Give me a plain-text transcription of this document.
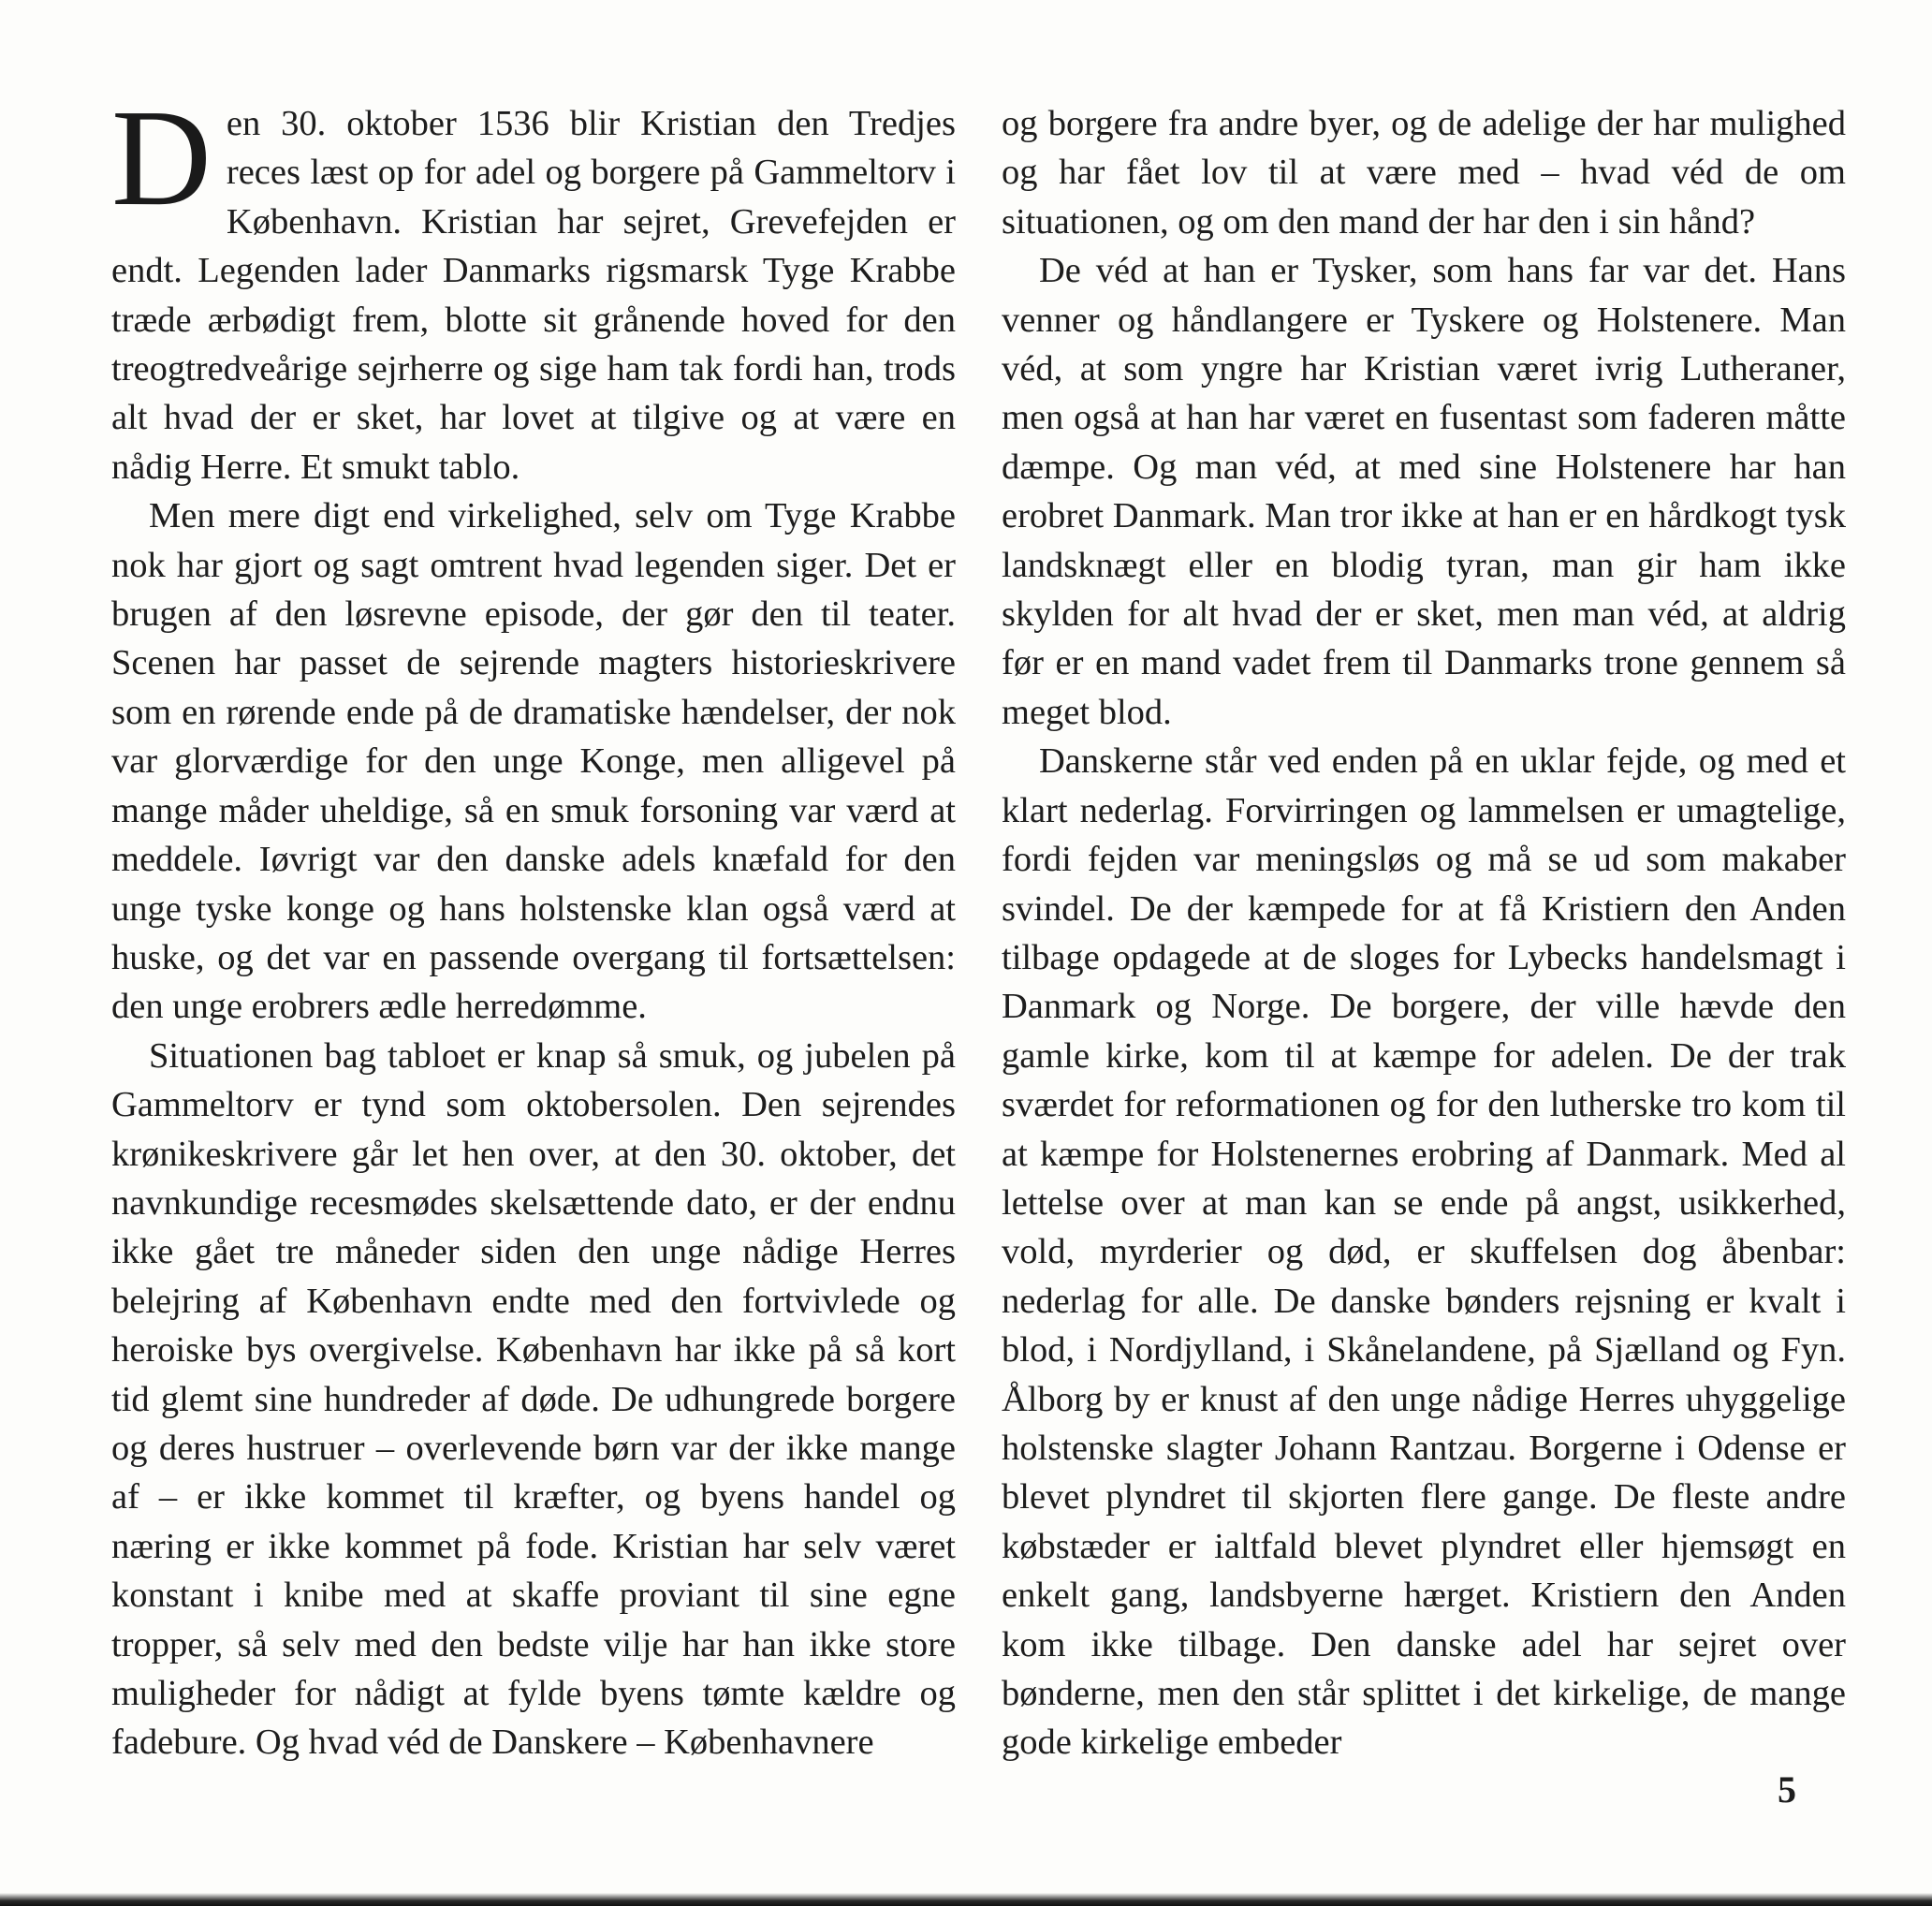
Den 30. oktober 1536 blir Kristian den Tredjes reces læst op for adel og borgere på Gammeltorv i København. Kristian har sejret, Grevefejden er endt. Legenden lader Danmarks rigsmarsk Tyge Krabbe træde ærbødigt frem, blotte sit grånende hoved for den treogtredveårige sejrherre og sige ham tak fordi han, trods alt hvad der er sket, har lovet at tilgive og at være en nådig Herre. Et smukt tablo.

Men mere digt end virkelighed, selv om Tyge Krabbe nok har gjort og sagt omtrent hvad legenden siger. Det er brugen af den løsrevne episode, der gør den til teater. Scenen har passet de sejrende magters historieskrivere som en rørende ende på de dramatiske hændelser, der nok var glorværdige for den unge Konge, men alligevel på mange måder uheldige, så en smuk forsoning var værd at meddele. Iøvrigt var den danske adels knæfald for den unge tyske konge og hans holstenske klan også værd at huske, og det var en passende overgang til fortsættelsen: den unge erobrers ædle herredømme.

Situationen bag tabloet er knap så smuk, og jubelen på Gammeltorv er tynd som oktobersolen. Den sejrendes krønikeskrivere går let hen over, at den 30. oktober, det navnkundige recesmødes skelsættende dato, er der endnu ikke gået tre måneder siden den unge nådige Herres belejring af København endte med den fortvivlede og heroiske bys overgivelse. København har ikke på så kort tid glemt sine hundreder af døde. De udhungrede borgere og deres hustruer – overlevende børn var der ikke mange af – er ikke kommet til kræfter, og byens handel og næring er ikke kommet på fode. Kristian har selv været konstant i knibe med at skaffe proviant til sine egne tropper, så selv med den bedste vilje har han ikke store muligheder for nådigt at fylde byens tømte kældre og fadebure. Og hvad véd de Danskere – Københavnere

og borgere fra andre byer, og de adelige der har mulighed og har fået lov til at være med – hvad véd de om situationen, og om den mand der har den i sin hånd?

De véd at han er Tysker, som hans far var det. Hans venner og håndlangere er Tyskere og Holstenere. Man véd, at som yngre har Kristian været ivrig Lutheraner, men også at han har været en fusentast som faderen måtte dæmpe. Og man véd, at med sine Holstenere har han erobret Danmark. Man tror ikke at han er en hårdkogt tysk landsknægt eller en blodig tyran, man gir ham ikke skylden for alt hvad der er sket, men man véd, at aldrig før er en mand vadet frem til Danmarks trone gennem så meget blod.

Danskerne står ved enden på en uklar fejde, og med et klart nederlag. Forvirringen og lammelsen er umagtelige, fordi fejden var meningsløs og må se ud som makaber svindel. De der kæmpede for at få Kristiern den Anden tilbage opdagede at de sloges for Lybecks handelsmagt i Danmark og Norge. De borgere, der ville hævde den gamle kirke, kom til at kæmpe for adelen. De der trak sværdet for reformationen og for den lutherske tro kom til at kæmpe for Holstenernes erobring af Danmark. Med al lettelse over at man kan se ende på angst, usikkerhed, vold, myrderier og død, er skuffelsen dog åbenbar: nederlag for alle. De danske bønders rejsning er kvalt i blod, i Nordjylland, i Skånelandene, på Sjælland og Fyn. Ålborg by er knust af den unge nådige Herres uhyggelige holstenske slagter Johann Rantzau. Borgerne i Odense er blevet plyndret til skjorten flere gange. De fleste andre købstæder er ialtfald blevet plyndret eller hjemsøgt en enkelt gang, landsbyerne hærget. Kristiern den Anden kom ikke tilbage. Den danske adel har sejret over bønderne, men den står splittet i det kirkelige, de mange gode kirkelige embeder

5
